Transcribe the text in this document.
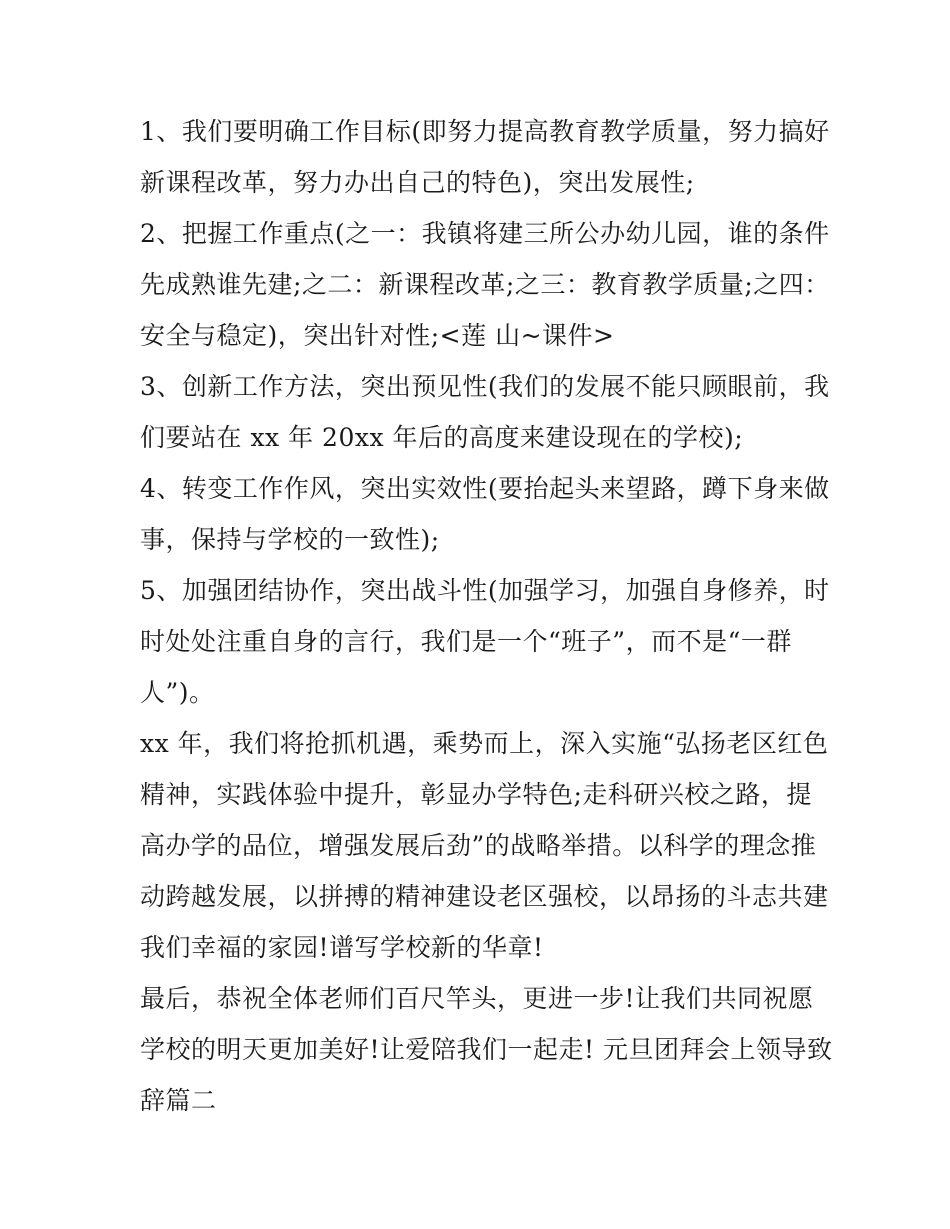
1、我们要明确工作目标(即努力提高教育教学质量，努力搞好
新课程改革，努力办出自己的特色)，突出发展性;
2、把握工作重点(之一：我镇将建三所公办幼儿园，谁的条件
先成熟谁先建;之二：新课程改革;之三：教育教学质量;之四：
安全与稳定)，突出针对性;<莲 山~课件>
3、创新工作方法，突出预见性(我们的发展不能只顾眼前，我
们要站在 xx 年 20xx 年后的高度来建设现在的学校);
4、转变工作作风，突出实效性(要抬起头来望路，蹲下身来做
事，保持与学校的一致性);
5、加强团结协作，突出战斗性(加强学习，加强自身修养，时
时处处注重自身的言行，我们是一个“班子”，而不是“一群
人”)。
xx 年，我们将抢抓机遇，乘势而上，深入实施“弘扬老区红色
精神，实践体验中提升，彰显办学特色;走科研兴校之路，提
高办学的品位，增强发展后劲”的战略举措。以科学的理念推
动跨越发展，以拼搏的精神建设老区强校，以昂扬的斗志共建
我们幸福的家园!谱写学校新的华章!
最后，恭祝全体老师们百尺竿头，更进一步!让我们共同祝愿
学校的明天更加美好!让爱陪我们一起走! 元旦团拜会上领导致
辞篇二
